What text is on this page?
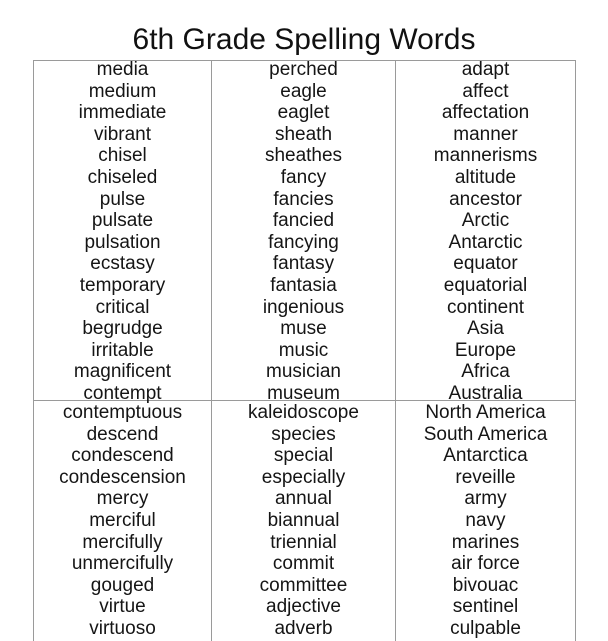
6th Grade Spelling Words
media
medium
immediate
vibrant
chisel
chiseled
pulse
pulsate
pulsation
ecstasy
temporary
critical
begrudge
irritable
magnificent
contempt
perched
eagle
eaglet
sheath
sheathes
fancy
fancies
fancied
fancying
fantasy
fantasia
ingenious
muse
music
musician
museum
adapt
affect
affectation
manner
mannerisms
altitude
ancestor
Arctic
Antarctic
equator
equatorial
continent
Asia
Europe
Africa
Australia
contemptuous
descend
condescend
condescension
mercy
merciful
mercifully
unmercifully
gouged
virtue
virtuoso
kaleidoscope
species
special
especially
annual
biannual
triennial
commit
committee
adjective
adverb
North America
South America
Antarctica
reveille
army
navy
marines
air force
bivouac
sentinel
culpable
